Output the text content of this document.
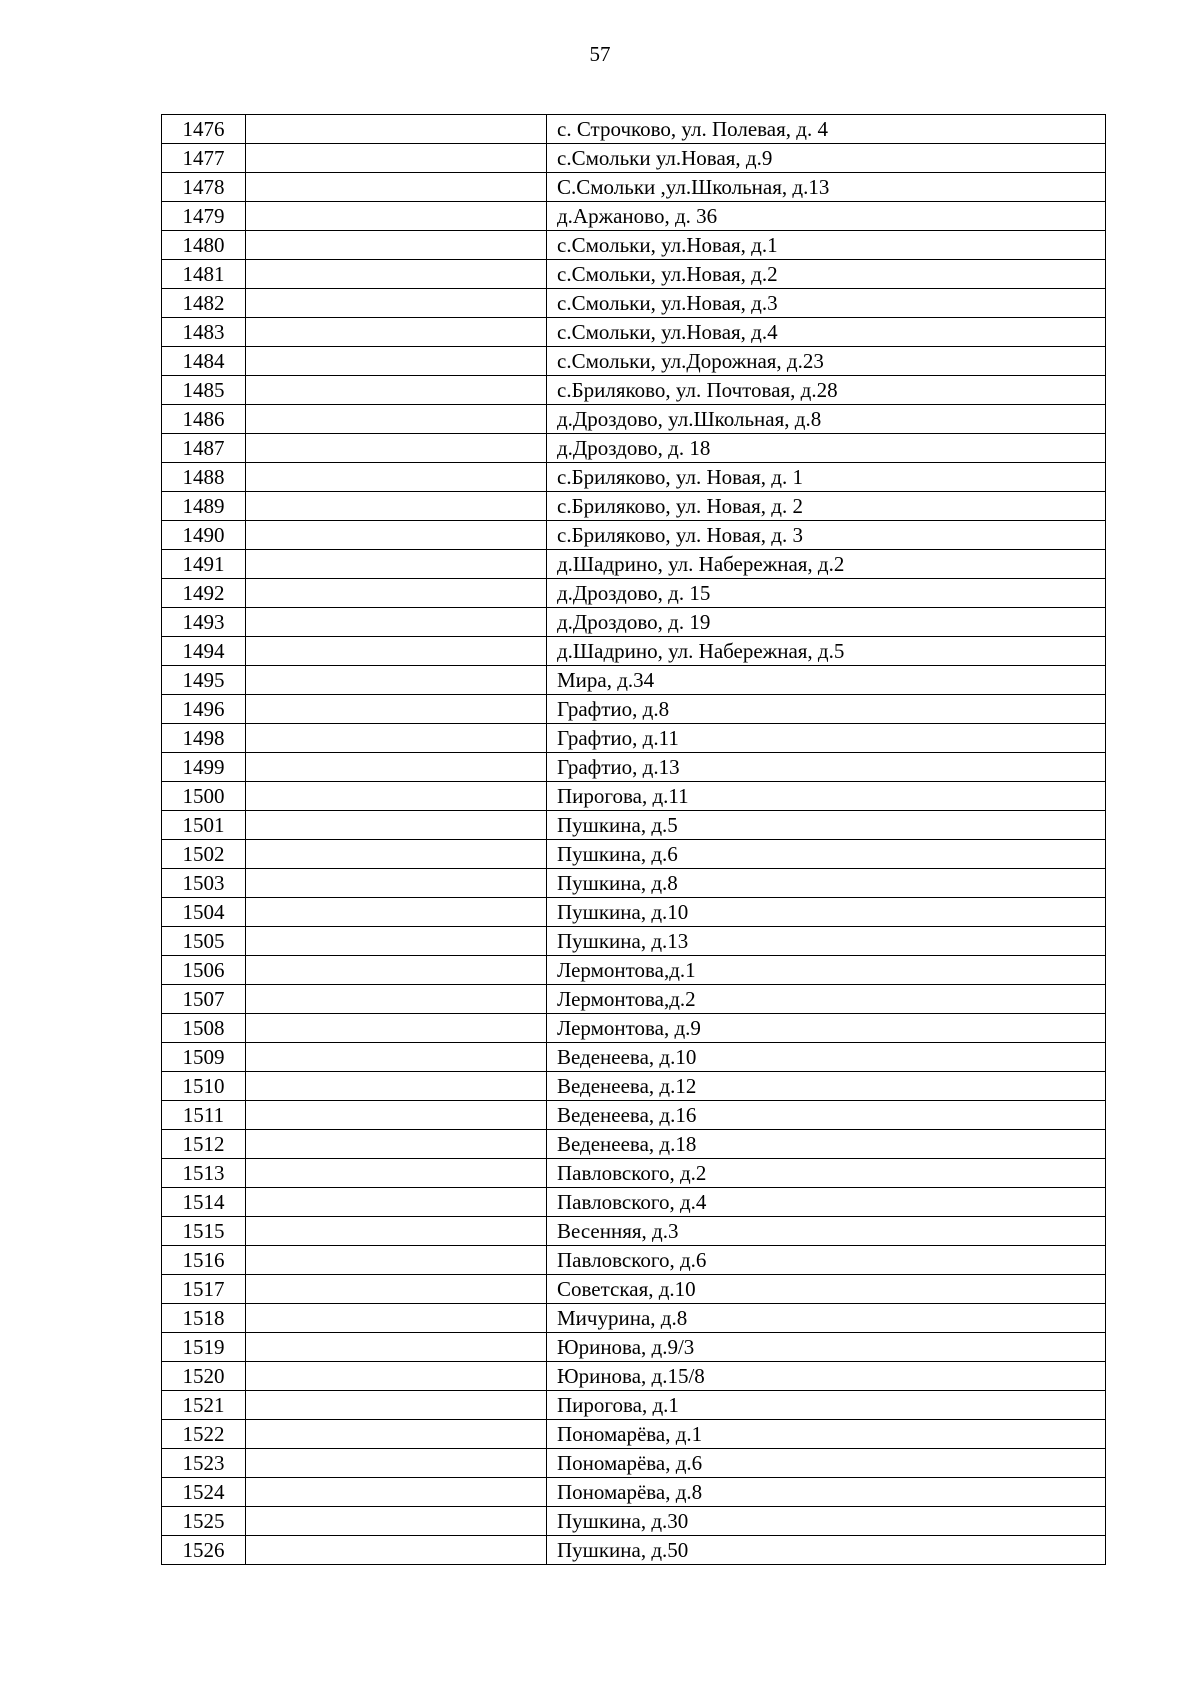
57
1476		с. Строчково, ул. Полевая, д. 4
1477		с.Смольки ул.Новая, д.9
1478		С.Смольки ,ул.Школьная, д.13
1479		д.Аржаново, д. 36
1480		с.Смольки, ул.Новая, д.1
1481		с.Смольки, ул.Новая, д.2
1482		с.Смольки, ул.Новая, д.3
1483		с.Смольки, ул.Новая, д.4
1484		с.Смольки, ул.Дорожная, д.23
1485		с.Бриляково, ул. Почтовая, д.28
1486		д.Дроздово, ул.Школьная, д.8
1487		д.Дроздово, д. 18
1488		с.Бриляково, ул. Новая, д. 1
1489		с.Бриляково, ул. Новая, д. 2
1490		с.Бриляково, ул. Новая, д. 3
1491		д.Шадрино, ул. Набережная, д.2
1492		д.Дроздово, д. 15
1493		д.Дроздово, д. 19
1494		д.Шадрино, ул. Набережная, д.5
1495		Мира, д.34
1496		Графтио, д.8
1498		Графтио, д.11
1499		Графтио, д.13
1500		Пирогова, д.11
1501		Пушкина, д.5
1502		Пушкина, д.6
1503		Пушкина, д.8
1504		Пушкина, д.10
1505		Пушкина, д.13
1506		Лермонтова,д.1
1507		Лермонтова,д.2
1508		Лермонтова, д.9
1509		Веденеева, д.10
1510		Веденеева, д.12
1511		Веденеева, д.16
1512		Веденеева, д.18
1513		Павловского, д.2
1514		Павловского, д.4
1515		Весенняя, д.3
1516		Павловского, д.6
1517		Советская, д.10
1518		Мичурина, д.8
1519		Юринова, д.9/3
1520		Юринова, д.15/8
1521		Пирогова, д.1
1522		Пономарёва, д.1
1523		Пономарёва, д.6
1524		Пономарёва, д.8
1525		Пушкина, д.30
1526		Пушкина, д.50
